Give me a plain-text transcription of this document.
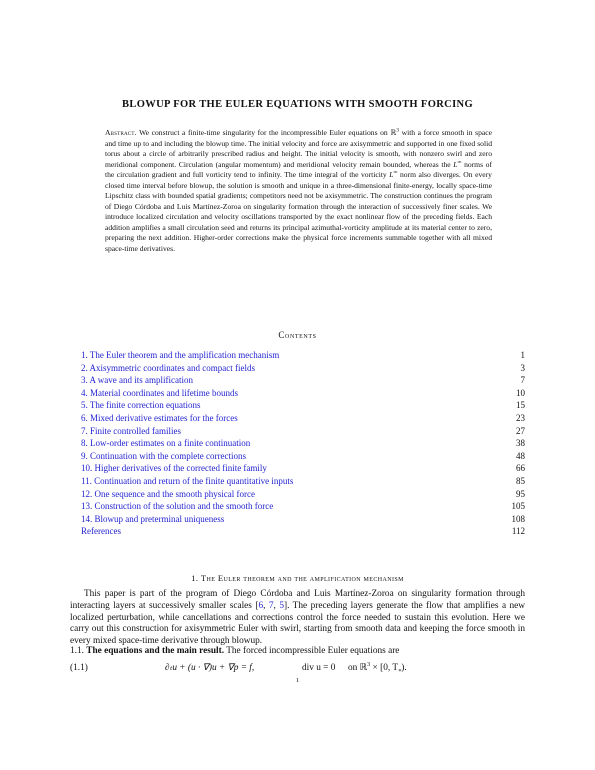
BLOWUP FOR THE EULER EQUATIONS WITH SMOOTH FORCING
Abstract. We construct a finite-time singularity for the incompressible Euler equations on ℝ$^3$ with a force smooth in space and time up to and including the blowup time. The initial velocity and force are axisymmetric and supported in one fixed solid torus about a circle of arbitrarily prescribed radius and height. The initial velocity is smooth, with nonzero swirl and zero meridional component. Circulation (angular momentum) and meridional velocity remain bounded, whereas the L∞ norms of the circulation gradient and full vorticity tend to infinity. The time integral of the vorticity L∞ norm also diverges. On every closed time interval before blowup, the solution is smooth and unique in a three-dimensional finite-energy, locally space-time Lipschitz class with bounded spatial gradients; competitors need not be axisymmetric. The construction continues the program of Diego Córdoba and Luis Martínez-Zoroa on singularity formation through the interaction of successively finer scales. We introduce localized circulation and velocity oscillations transported by the exact nonlinear flow of the preceding fields. Each addition amplifies a small circulation seed and returns its principal azimuthal-vorticity amplitude at its material center to zero, preparing the next addition. Higher-order corrections make the physical force increments summable together with all mixed space-time derivatives.
Contents
1. The Euler theorem and the amplification mechanism	1
2. Axisymmetric coordinates and compact fields	3
3. A wave and its amplification	7
4. Material coordinates and lifetime bounds	10
5. The finite correction equations	15
6. Mixed derivative estimates for the forces	23
7. Finite controlled families	27
8. Low-order estimates on a finite continuation	38
9. Continuation with the complete corrections	48
10. Higher derivatives of the corrected finite family	66
11. Continuation and return of the finite quantitative inputs	85
12. One sequence and the smooth physical force	95
13. Construction of the solution and the smooth force	105
14. Blowup and preterminal uniqueness	108
References	112
1. The Euler theorem and the amplification mechanism

This paper is part of the program of Diego Córdoba and Luis Martínez-Zoroa on singularity formation through interacting layers at successively smaller scales [6, 7, 5]. The preceding layers generate the flow that amplifies a new localized perturbation, while cancellations and corrections control the force needed to sustain this evolution. Here we carry out this construction for axisymmetric Euler with swirl, starting from smooth data and keeping the force smooth in every mixed space-time derivative through blowup.

1.1. The equations and the main result. The forced incompressible Euler equations are
(1.1)	∂ₜu + (u · ∇)u + ∇p = f,	div u = 0 on ℝ$^3$ × [0, $T_*$).
1
